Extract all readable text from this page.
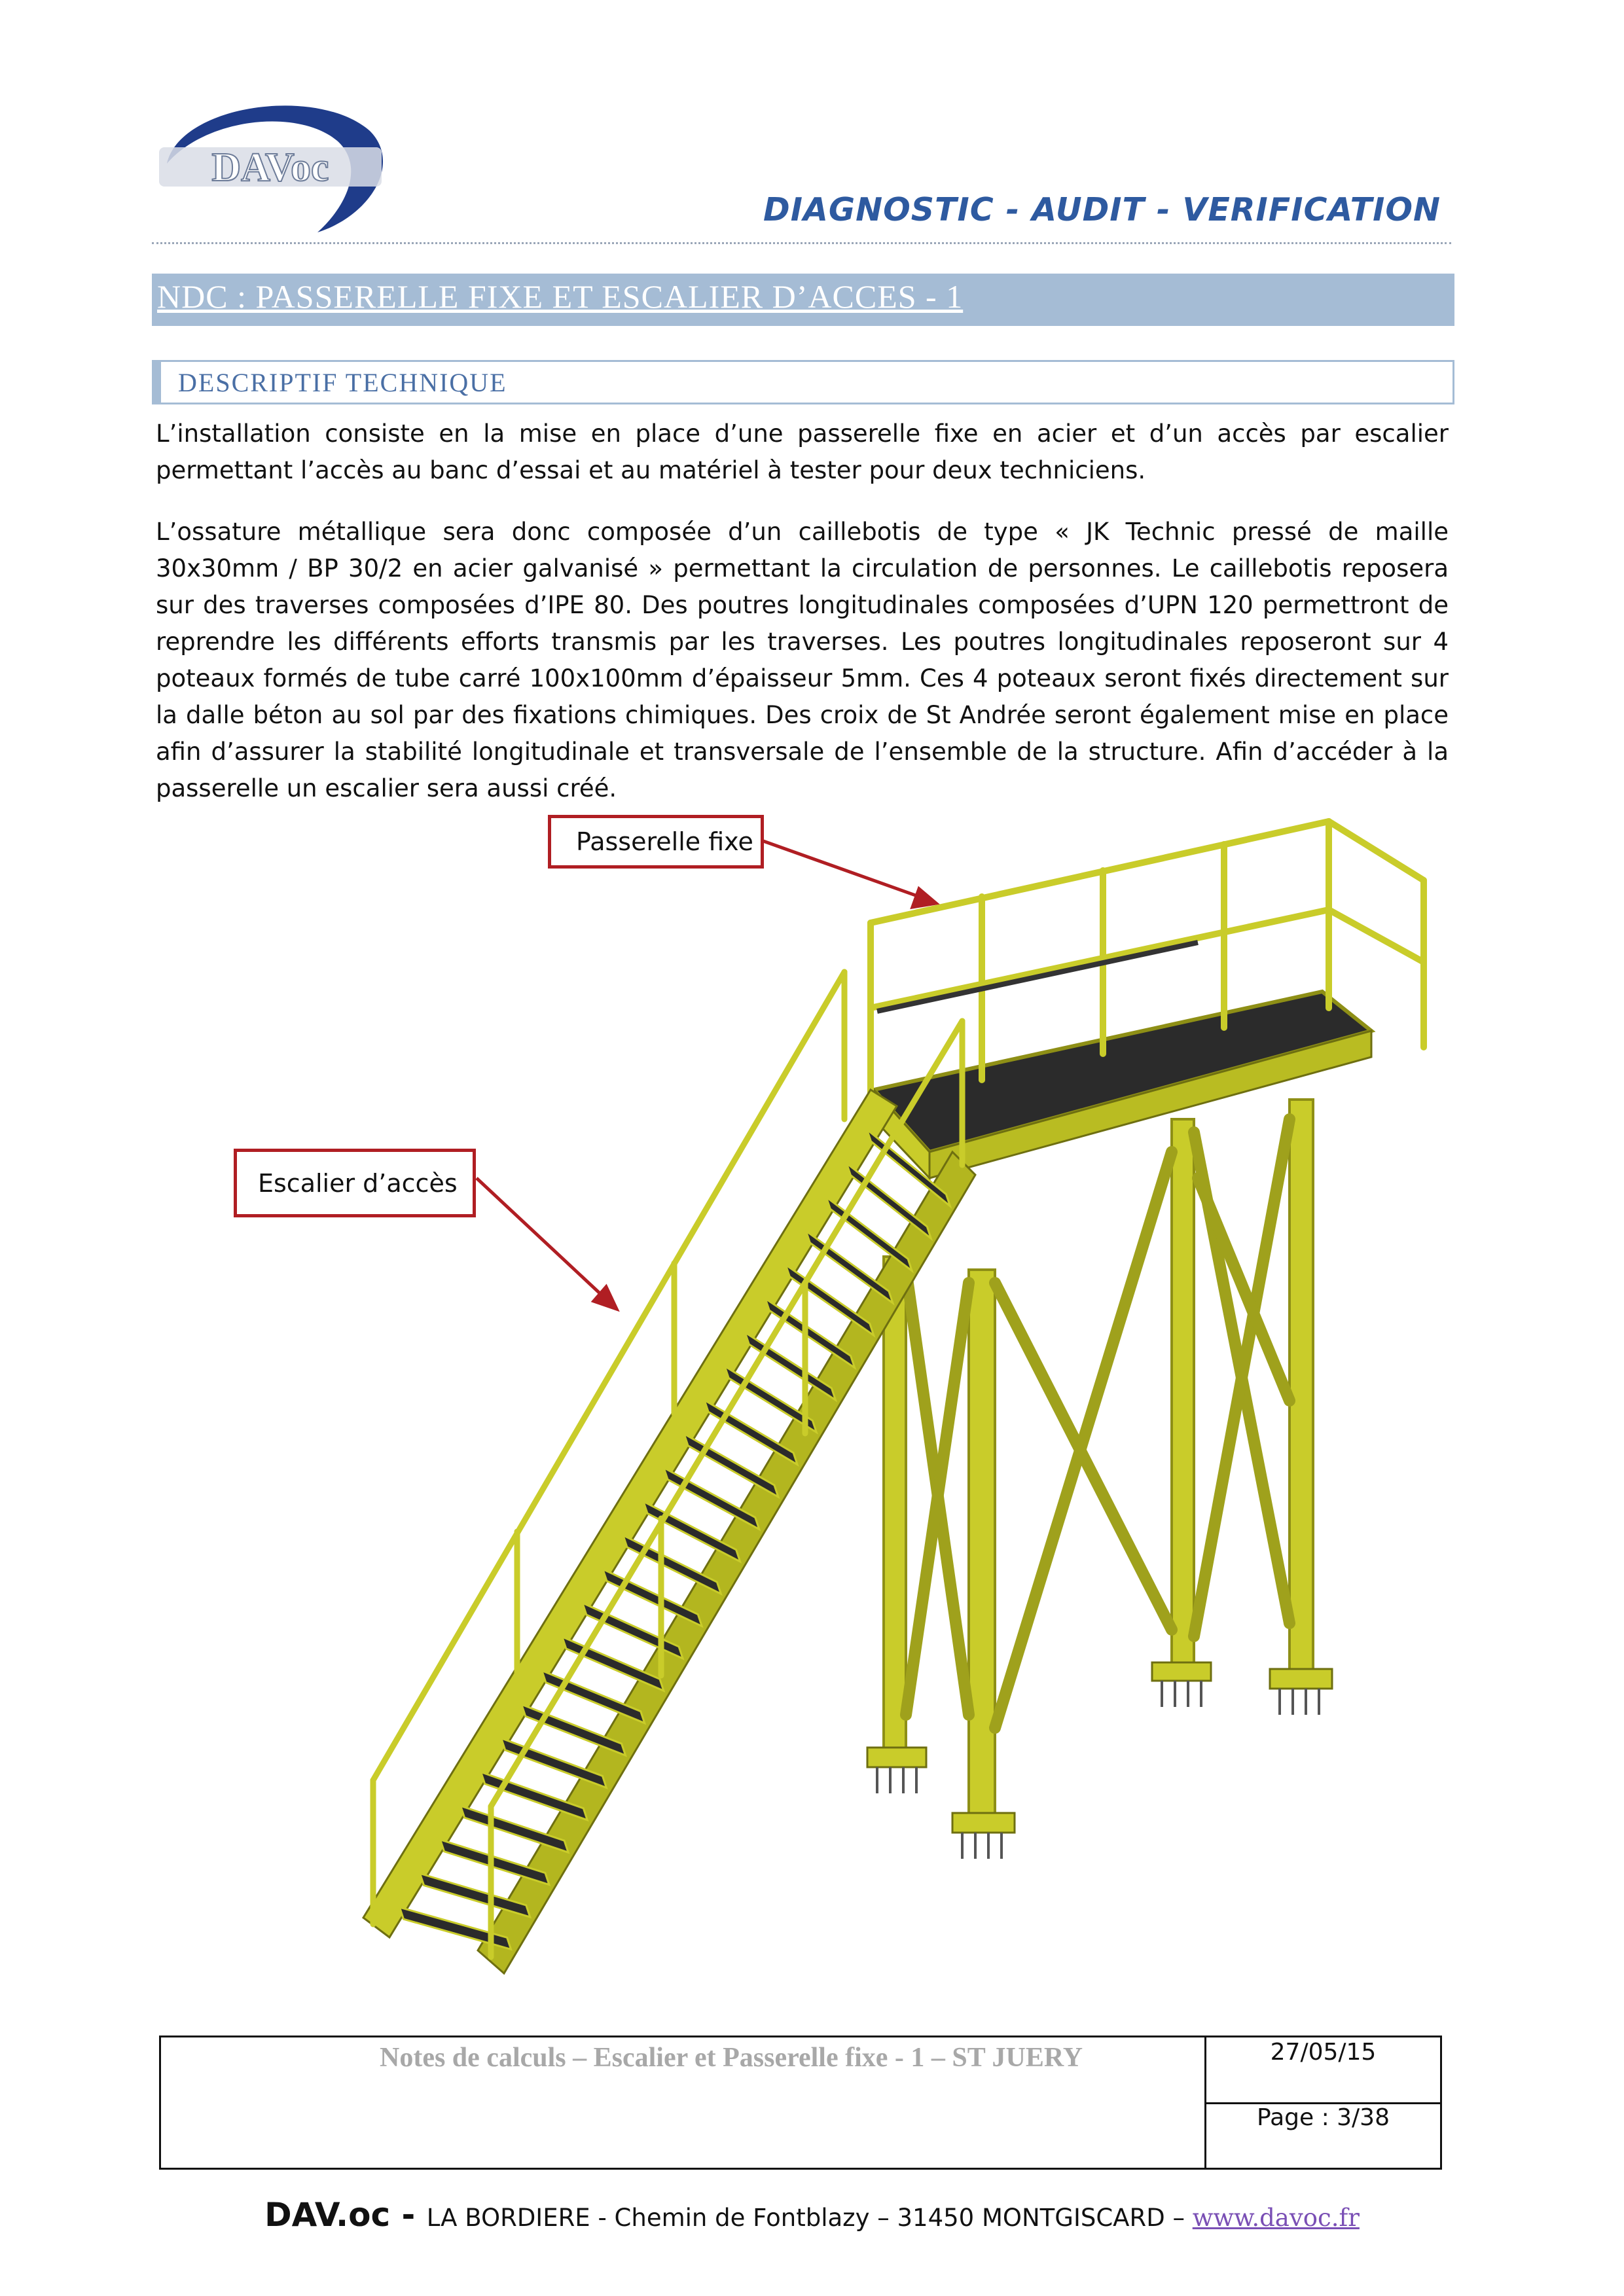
DAVoc
DIAGNOSTIC - AUDIT - VERIFICATION
NDC : PASSERELLE FIXE ET ESCALIER D’ACCES - 1
DESCRIPTIF TECHNIQUE

L’installation consiste en la mise en place d’une passerelle fixe en acier et d’un accès par escalier permettant l’accès au banc d’essai et au matériel à tester pour deux techniciens.

L’ossature métallique sera donc composée d’un caillebotis de type « JK Technic pressé de maille 30x30mm / BP 30/2 en acier galvanisé » permettant la circulation de personnes. Le caillebotis reposera sur des traverses composées d’IPE 80. Des poutres longitudinales composées d’UPN 120 permettront de reprendre les différents efforts transmis par les traverses. Les poutres longitudinales reposeront sur 4 poteaux formés de tube carré 100x100mm d’épaisseur 5mm. Ces 4 poteaux seront fixés directement sur la dalle béton au sol par des fixations chimiques. Des croix de St Andrée seront également mise en place afin d’assurer la stabilité longitudinale et transversale de l’ensemble de la structure. Afin d’accéder à la passerelle un escalier sera aussi créé.

Passerelle fixe
Escalier d’accès
Notes de calculs – Escalier et Passerelle fixe - 1 – ST JUERY	27/05/15
Page : 3/38
DAV.oc - LA BORDIERE - Chemin de Fontblazy – 31450 MONTGISCARD – www.davoc.fr
